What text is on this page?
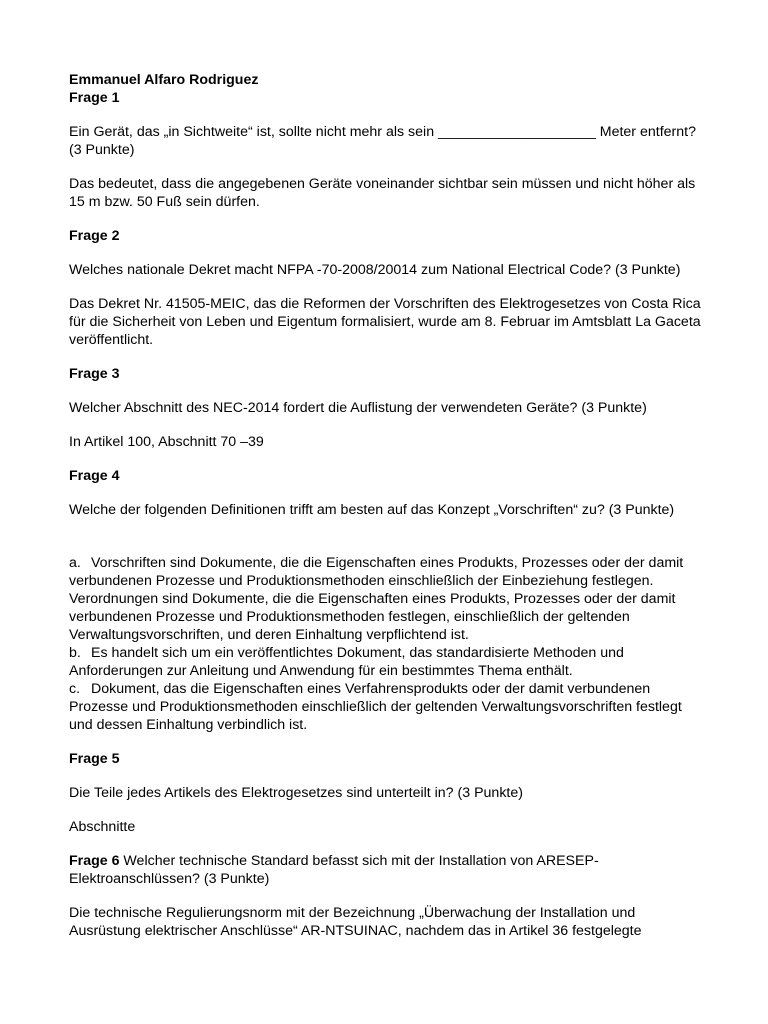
Emmanuel Alfaro Rodriguez

Frage 1

Ein Gerät, das „in Sichtweite“ ist, sollte nicht mehr als sein ____________________ Meter entfernt? (3 Punkte)

Das bedeutet, dass die angegebenen Geräte voneinander sichtbar sein müssen und nicht höher als 15 m bzw. 50 Fuß sein dürfen.

Frage 2

Welches nationale Dekret macht NFPA -70-2008/20014 zum National Electrical Code? (3 Punkte)

Das Dekret Nr. 41505-MEIC, das die Reformen der Vorschriften des Elektrogesetzes von Costa Rica für die Sicherheit von Leben und Eigentum formalisiert, wurde am 8. Februar im Amtsblatt La Gaceta veröffentlicht.

Frage 3

Welcher Abschnitt des NEC-2014 fordert die Auflistung der verwendeten Geräte? (3 Punkte)

In Artikel 100, Abschnitt 70 –39

Frage 4

Welche der folgenden Definitionen trifft am besten auf das Konzept „Vorschriften“ zu? (3 Punkte)

a. Vorschriften sind Dokumente, die die Eigenschaften eines Produkts, Prozesses oder der damit verbundenen Prozesse und Produktionsmethoden einschließlich der Einbeziehung festlegen. Verordnungen sind Dokumente, die die Eigenschaften eines Produkts, Prozesses oder der damit verbundenen Prozesse und Produktionsmethoden festlegen, einschließlich der geltenden Verwaltungsvorschriften, und deren Einhaltung verpflichtend ist.

b. Es handelt sich um ein veröffentlichtes Dokument, das standardisierte Methoden und Anforderungen zur Anleitung und Anwendung für ein bestimmtes Thema enthält.

c. Dokument, das die Eigenschaften eines Verfahrensprodukts oder der damit verbundenen Prozesse und Produktionsmethoden einschließlich der geltenden Verwaltungsvorschriften festlegt und dessen Einhaltung verbindlich ist.

Frage 5

Die Teile jedes Artikels des Elektrogesetzes sind unterteilt in? (3 Punkte)

Abschnitte

Frage 6 Welcher technische Standard befasst sich mit der Installation von ARESEP-Elektroanschlüssen? (3 Punkte)

Die technische Regulierungsnorm mit der Bezeichnung „Überwachung der Installation und Ausrüstung elektrischer Anschlüsse“ AR-NTSUINAC, nachdem das in Artikel 36 festgelegte
